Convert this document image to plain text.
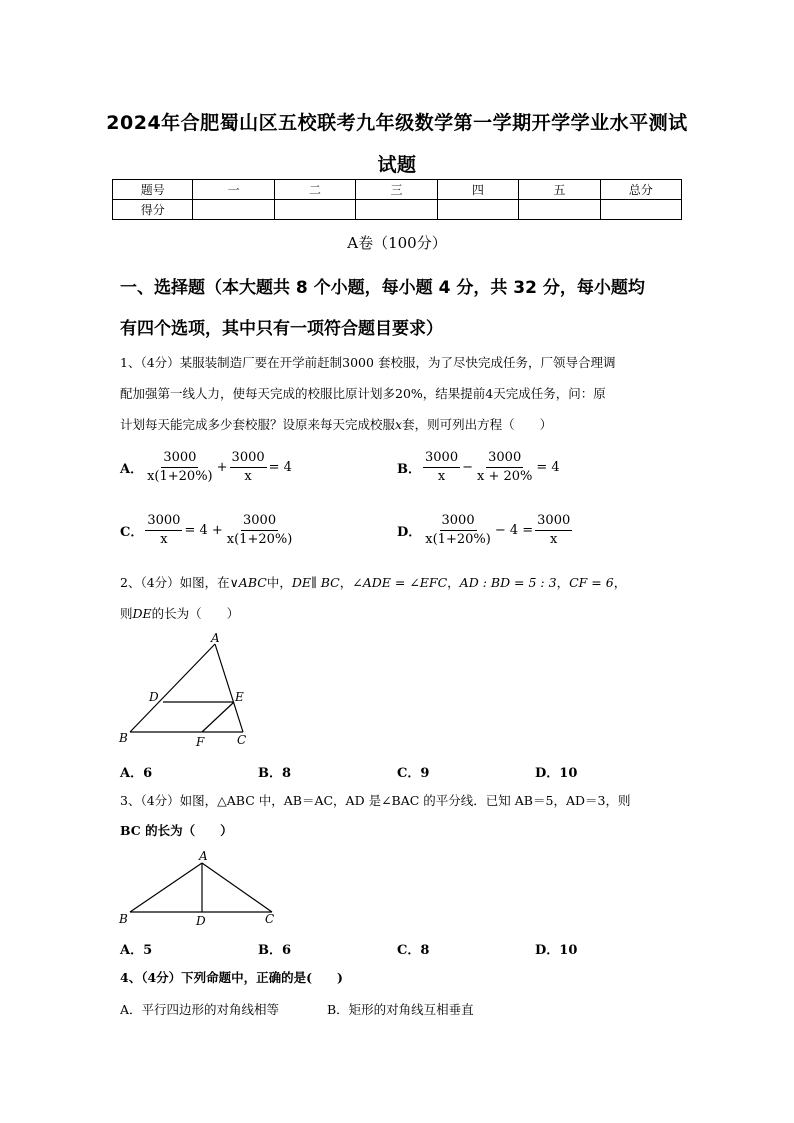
2024年合肥蜀山区五校联考九年级数学第一学期开学学业水平测试
试题
题号	一	二	三	四	五	总分
得分						
A卷（100分）
一、选择题（本大题共 8 个小题，每小题 4 分，共 32 分，每小题均
有四个选项，其中只有一项符合题目要求）
1、（4分）某服装制造厂要在开学前赶制3000 套校服，为了尽快完成任务，厂领导合理调
配加强第一线人力，使每天完成的校服比原计划多20%，结果提前4天完成任务，问：原
计划每天能完成多少套校服？设原来每天完成校服x套，则可列出方程（　　）
A． $\frac{3000}{x(1+20\%)} + \frac{3000}{x} = 4$	B． $\frac{3000}{x} - \frac{3000}{x + 20\%} = 4$
C． $\frac{3000}{x} = 4 + \frac{3000}{x(1+20\%)}$	D． $\frac{3000}{x(1+20\%)} - 4 = \frac{3000}{x}$
2、（4分）如图，在∨ABC中，DE∥ BC，∠ADE = ∠EFC，AD : BD = 5 : 3，CF = 6，
则DE的长为（　　）
A
B	C
D	E
F
A．6	B．8	C．9	D．10
3、（4分）如图，△ABC 中，AB＝AC，AD 是∠BAC 的平分线．已知 AB＝5，AD＝3，则
BC 的长为（　　）
A
B	C
D
A．5	B．6	C．8	D．10
4、（4分）下列命题中，正确的是(　　)
A．平行四边形的对角线相等	B．矩形的对角线互相垂直
